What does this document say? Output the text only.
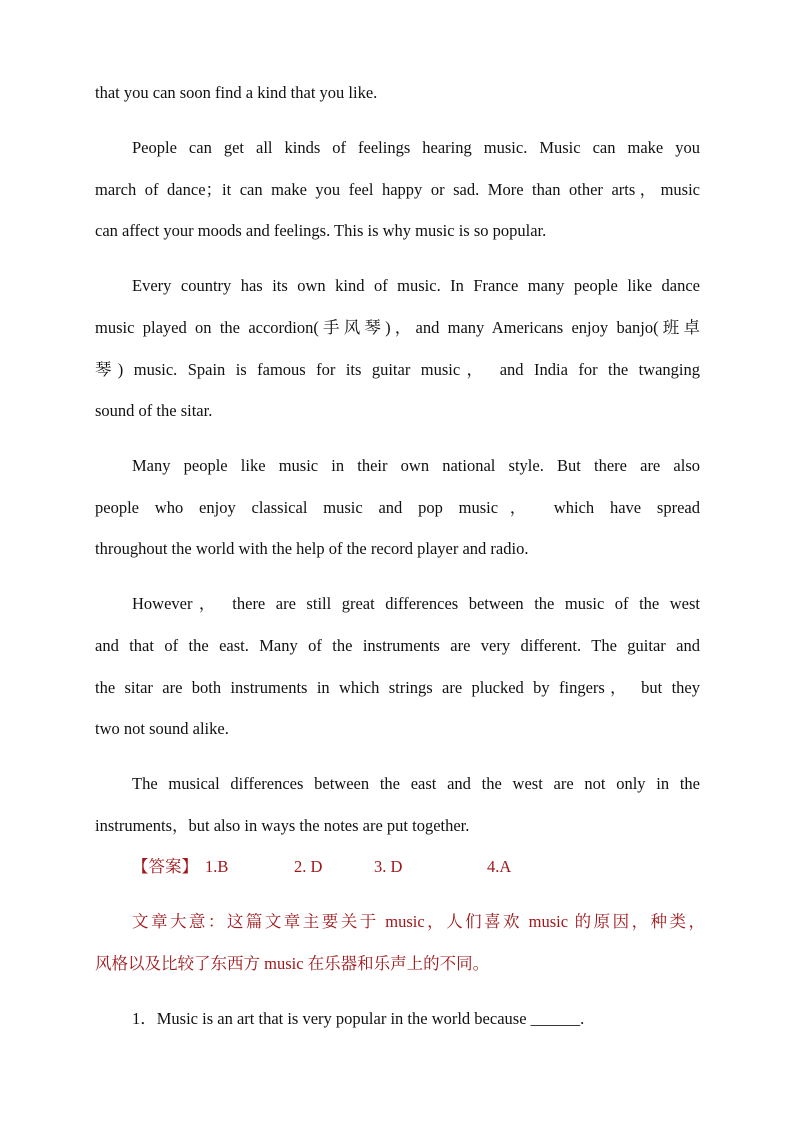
that you can soon find a kind that you like.
People can get all kinds of feelings hearing music. Music can make you
march of dance；it can make you feel happy or sad. More than other arts，music
can affect your moods and feelings. This is why music is so popular.
Every country has its own kind of music. In France many people like dance
music played on the accordion(手风琴)，and many Americans enjoy banjo(班卓
琴) music. Spain is famous for its guitar music， and India for the twanging
sound of the sitar.
Many people like music in their own national style. But there are also
people who enjoy classical music and pop music， which have spread
throughout the world with the help of the record player and radio.
However， there are still great differences between the music of the west
and that of the east. Many of the instruments are very different. The guitar and
the sitar are both instruments in which strings are plucked by fingers， but they
two not sound alike.
The musical differences between the east and the west are not only in the
instruments，but also in ways the notes are put together.
【答案】 1.B	2. D	3. D	4.A
文章大意：这篇文章主要关于 music，人们喜欢 music 的原因，种类，
风格以及比较了东西方 music 在乐器和乐声上的不同。
1．Music is an art that is very popular in the world because ______.
